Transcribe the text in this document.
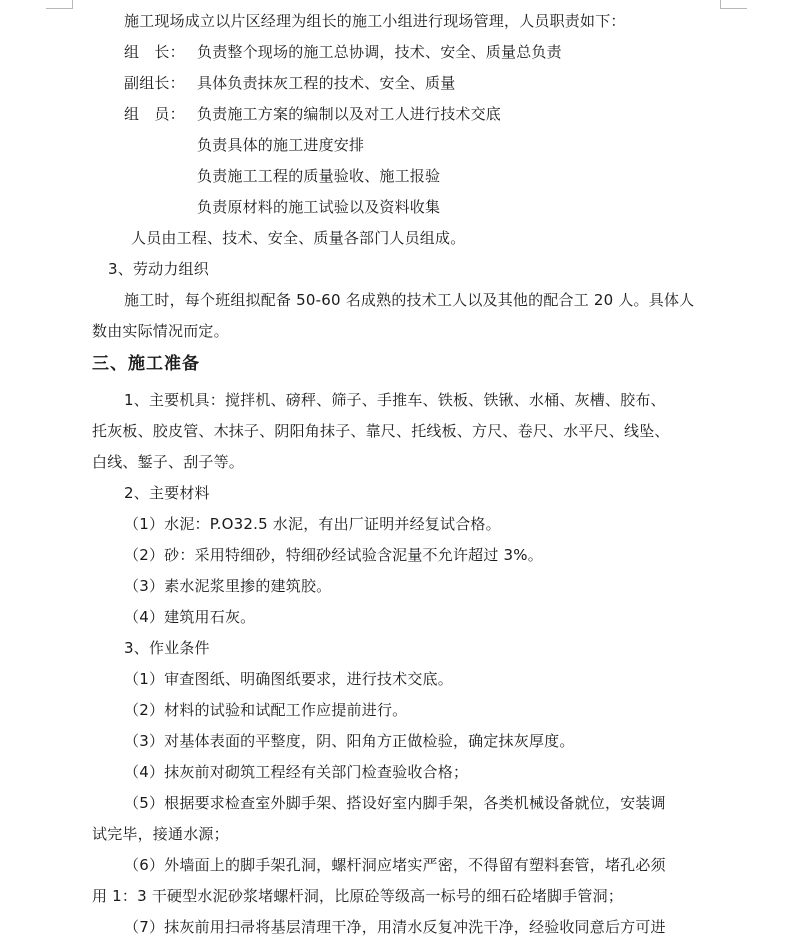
施工现场成立以片区经理为组长的施工小组进行现场管理，人员职责如下：
组　长： 负责整个现场的施工总协调，技术、安全、质量总负责
副组长： 具体负责抹灰工程的技术、安全、质量
组　员： 负责施工方案的编制以及对工人进行技术交底
负责具体的施工进度安排
负责施工工程的质量验收、施工报验
负责原材料的施工试验以及资料收集
人员由工程、技术、安全、质量各部门人员组成。
3、劳动力组织
施工时，每个班组拟配备 50-60 名成熟的技术工人以及其他的配合工 20 人。具体人
数由实际情况而定。
三、施工准备
1、主要机具：搅拌机、磅秤、筛子、手推车、铁板、铁锹、水桶、灰槽、胶布、
托灰板、胶皮管、木抹子、阴阳角抹子、靠尺、托线板、方尺、卷尺、水平尺、线坠、
白线、錾子、刮子等。
2、主要材料
（1）水泥：P.O32.5 水泥，有出厂证明并经复试合格。
（2）砂：采用特细砂，特细砂经试验含泥量不允许超过 3%。
（3）素水泥浆里掺的建筑胶。
（4）建筑用石灰。
3、作业条件
（1）审查图纸、明确图纸要求，进行技术交底。
（2）材料的试验和试配工作应提前进行。
（3）对基体表面的平整度，阴、阳角方正做检验，确定抹灰厚度。
（4）抹灰前对砌筑工程经有关部门检查验收合格；
（5）根据要求检查室外脚手架、搭设好室内脚手架，各类机械设备就位，安装调
试完毕，接通水源；
（6）外墙面上的脚手架孔洞，螺杆洞应堵实严密，不得留有塑料套管，堵孔必须
用 1：3 干硬型水泥砂浆堵螺杆洞，比原砼等级高一标号的细石砼堵脚手管洞；
（7）抹灰前用扫帚将基层清理干净，用清水反复冲洗干净，经验收同意后方可进
